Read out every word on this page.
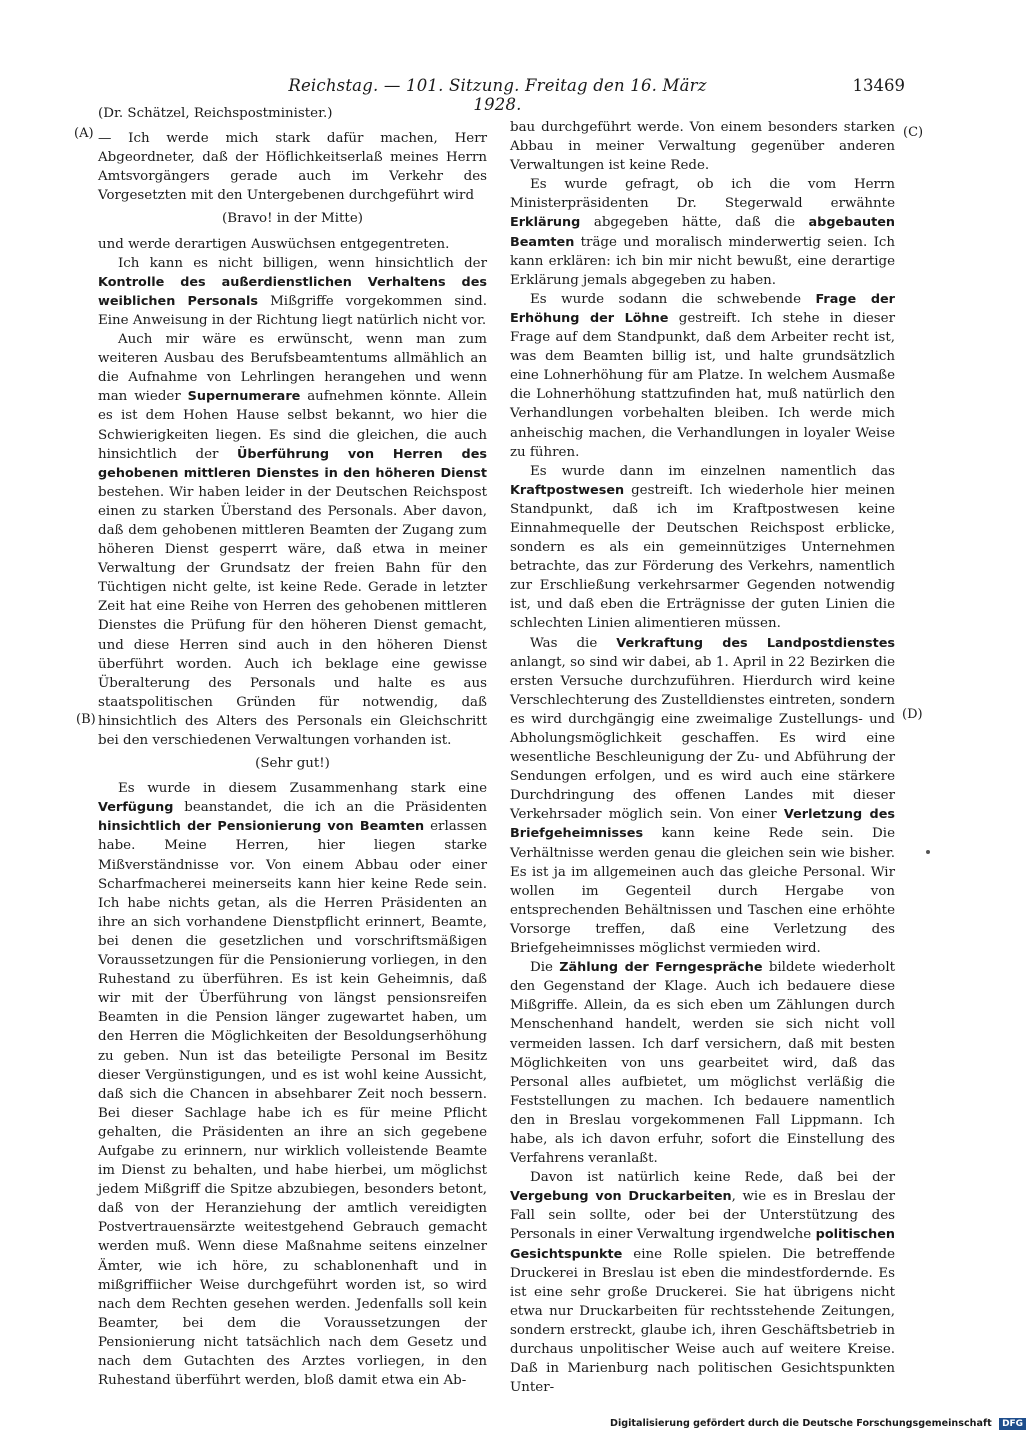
Reichstag. — 101. Sitzung. Freitag den 16. März 1928.
13469
(A)
(B)
(C)
(D)

(Dr. Schätzel, Reichspostminister.)

— Ich werde mich stark dafür machen, Herr Abgeordneter, daß der Höflichkeitserlaß meines Herrn Amtsvorgängers gerade auch im Verkehr des Vorgesetzten mit den Untergebenen durchgeführt wird

(Bravo! in der Mitte)

und werde derartigen Auswüchsen entgegentreten.

Ich kann es nicht billigen, wenn hinsichtlich der Kontrolle des außerdienstlichen Verhaltens des weiblichen Personals Mißgriffe vorgekommen sind. Eine Anweisung in der Richtung liegt natürlich nicht vor.

Auch mir wäre es erwünscht, wenn man zum weiteren Ausbau des Berufsbeamtentums allmählich an die Aufnahme von Lehrlingen herangehen und wenn man wieder Supernumerare aufnehmen könnte. Allein es ist dem Hohen Hause selbst bekannt, wo hier die Schwierigkeiten liegen. Es sind die gleichen, die auch hinsichtlich der Überführung von Herren des gehobenen mittleren Dienstes in den höheren Dienst bestehen. Wir haben leider in der Deutschen Reichspost einen zu starken Überstand des Personals. Aber davon, daß dem gehobenen mittleren Beamten der Zugang zum höheren Dienst gesperrt wäre, daß etwa in meiner Verwaltung der Grundsatz der freien Bahn für den Tüchtigen nicht gelte, ist keine Rede. Gerade in letzter Zeit hat eine Reihe von Herren des gehobenen mittleren Dienstes die Prüfung für den höheren Dienst gemacht, und diese Herren sind auch in den höheren Dienst überführt worden. Auch ich beklage eine gewisse Überalterung des Personals und halte es aus staatspolitischen Gründen für notwendig, daß hinsichtlich des Alters des Personals ein Gleichschritt bei den verschiedenen Verwaltungen vorhanden ist.

(Sehr gut!)

Es wurde in diesem Zusammenhang stark eine Verfügung beanstandet, die ich an die Präsidenten hinsichtlich der Pensionierung von Beamten erlassen habe. Meine Herren, hier liegen starke Mißverständnisse vor. Von einem Abbau oder einer Scharfmacherei meinerseits kann hier keine Rede sein. Ich habe nichts getan, als die Herren Präsidenten an ihre an sich vorhandene Dienstpflicht erinnert, Beamte, bei denen die gesetzlichen und vorschriftsmäßigen Voraussetzungen für die Pensionierung vorliegen, in den Ruhestand zu überführen. Es ist kein Geheimnis, daß wir mit der Überführung von längst pensionsreifen Beamten in die Pension länger zugewartet haben, um den Herren die Möglichkeiten der Besoldungserhöhung zu geben. Nun ist das beteiligte Personal im Besitz dieser Vergünstigungen, und es ist wohl keine Aussicht, daß sich die Chancen in absehbarer Zeit noch bessern. Bei dieser Sachlage habe ich es für meine Pflicht gehalten, die Präsidenten an ihre an sich gegebene Aufgabe zu erinnern, nur wirklich volleistende Beamte im Dienst zu behalten, und habe hierbei, um möglichst jedem Mißgriff die Spitze abzubiegen, besonders betont, daß von der Heranziehung der amtlich vereidigten Postvertrauensärzte weitestgehend Gebrauch gemacht werden muß. Wenn diese Maßnahme seitens einzelner Ämter, wie ich höre, zu schablonenhaft und in mißgriffiicher Weise durchgeführt worden ist, so wird nach dem Rechten gesehen werden. Jedenfalls soll kein Beamter, bei dem die Voraussetzungen der Pensionierung nicht tatsächlich nach dem Gesetz und nach dem Gutachten des Arztes vorliegen, in den Ruhestand überführt werden, bloß damit etwa ein Ab-

bau durchgeführt werde. Von einem besonders starken Abbau in meiner Verwaltung gegenüber anderen Verwaltungen ist keine Rede.

Es wurde gefragt, ob ich die vom Herrn Ministerpräsidenten Dr. Stegerwald erwähnte Erklärung abgegeben hätte, daß die abgebauten Beamten träge und moralisch minderwertig seien. Ich kann erklären: ich bin mir nicht bewußt, eine derartige Erklärung jemals abgegeben zu haben.

Es wurde sodann die schwebende Frage der Erhöhung der Löhne gestreift. Ich stehe in dieser Frage auf dem Standpunkt, daß dem Arbeiter recht ist, was dem Beamten billig ist, und halte grundsätzlich eine Lohnerhöhung für am Platze. In welchem Ausmaße die Lohnerhöhung stattzufinden hat, muß natürlich den Verhandlungen vorbehalten bleiben. Ich werde mich anheischig machen, die Verhandlungen in loyaler Weise zu führen.

Es wurde dann im einzelnen namentlich das Kraftpostwesen gestreift. Ich wiederhole hier meinen Standpunkt, daß ich im Kraftpostwesen keine Einnahmequelle der Deutschen Reichspost erblicke, sondern es als ein gemeinnütziges Unternehmen betrachte, das zur Förderung des Verkehrs, namentlich zur Erschließung verkehrsarmer Gegenden notwendig ist, und daß eben die Erträgnisse der guten Linien die schlechten Linien alimentieren müssen.

Was die Verkraftung des Landpostdienstes anlangt, so sind wir dabei, ab 1. April in 22 Bezirken die ersten Versuche durchzuführen. Hierdurch wird keine Verschlechterung des Zustelldienstes eintreten, sondern es wird durchgängig eine zweimalige Zustellungs- und Abholungsmöglichkeit geschaffen. Es wird eine wesentliche Beschleunigung der Zu- und Abführung der Sendungen erfolgen, und es wird auch eine stärkere Durchdringung des offenen Landes mit dieser Verkehrsader möglich sein. Von einer Verletzung des Briefgeheimnisses kann keine Rede sein. Die Verhältnisse werden genau die gleichen sein wie bisher. Es ist ja im allgemeinen auch das gleiche Personal. Wir wollen im Gegenteil durch Hergabe von entsprechenden Behältnissen und Taschen eine erhöhte Vorsorge treffen, daß eine Verletzung des Briefgeheimnisses möglichst vermieden wird.

Die Zählung der Ferngespräche bildete wiederholt den Gegenstand der Klage. Auch ich bedauere diese Mißgriffe. Allein, da es sich eben um Zählungen durch Menschenhand handelt, werden sie sich nicht voll vermeiden lassen. Ich darf versichern, daß mit besten Möglichkeiten von uns gearbeitet wird, daß das Personal alles aufbietet, um möglichst verläßig die Feststellungen zu machen. Ich bedauere namentlich den in Breslau vorgekommenen Fall Lippmann. Ich habe, als ich davon erfuhr, sofort die Einstellung des Verfahrens veranlaßt.

Davon ist natürlich keine Rede, daß bei der Vergebung von Druckarbeiten, wie es in Breslau der Fall sein sollte, oder bei der Unterstützung des Personals in einer Verwaltung irgendwelche politischen Gesichtspunkte eine Rolle spielen. Die betreffende Druckerei in Breslau ist eben die mindestfordernde. Es ist eine sehr große Druckerei. Sie hat übrigens nicht etwa nur Druckarbeiten für rechtsstehende Zeitungen, sondern erstreckt, glaube ich, ihren Geschäftsbetrieb in durchaus unpolitischer Weise auch auf weitere Kreise. Daß in Marienburg nach politischen Gesichtspunkten Unter-

Digitalisierung gefördert durch die Deutsche Forschungsgemeinschaft DFG
